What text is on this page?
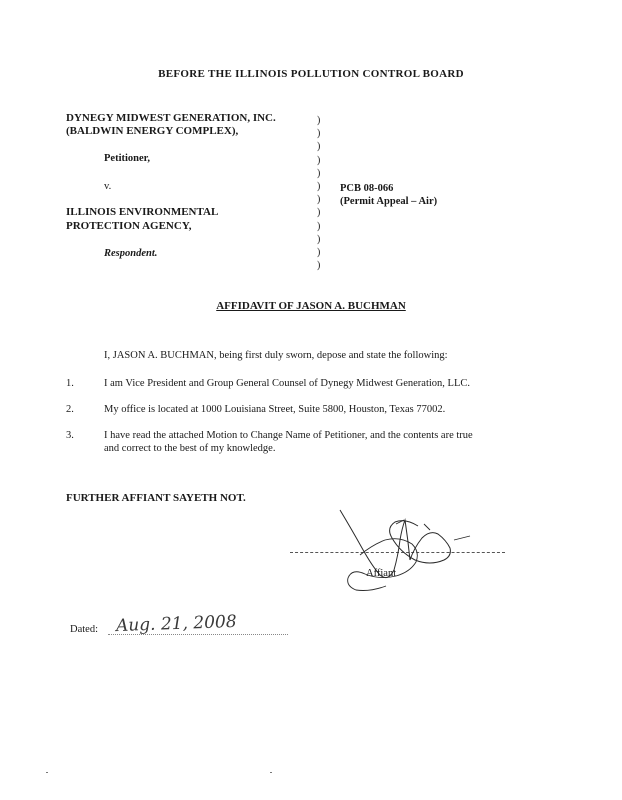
BEFORE THE ILLINOIS POLLUTION CONTROL BOARD
DYNEGY MIDWEST GENERATION, INC.
(BALDWIN ENERGY COMPLEX),
Petitioner,
v.
ILLINOIS ENVIRONMENTAL
PROTECTION AGENCY,
Respondent.
)
)
)
)
)
)
)
)
)
)
)
)
PCB 08-066
(Permit Appeal – Air)
AFFIDAVIT OF JASON A. BUCHMAN
I, JASON A. BUCHMAN, being first duly sworn, depose and state the following:
1.	I am Vice President and Group General Counsel of Dynegy Midwest Generation, LLC.
2.	My office is located at 1000 Louisiana Street, Suite 5800, Houston, Texas 77002.
3.	I have read the attached Motion to Change Name of Petitioner, and the contents are true
and correct to the best of my knowledge.
FURTHER AFFIANT SAYETH NOT.
Affiant
Dated: Aug. 21, 2008
